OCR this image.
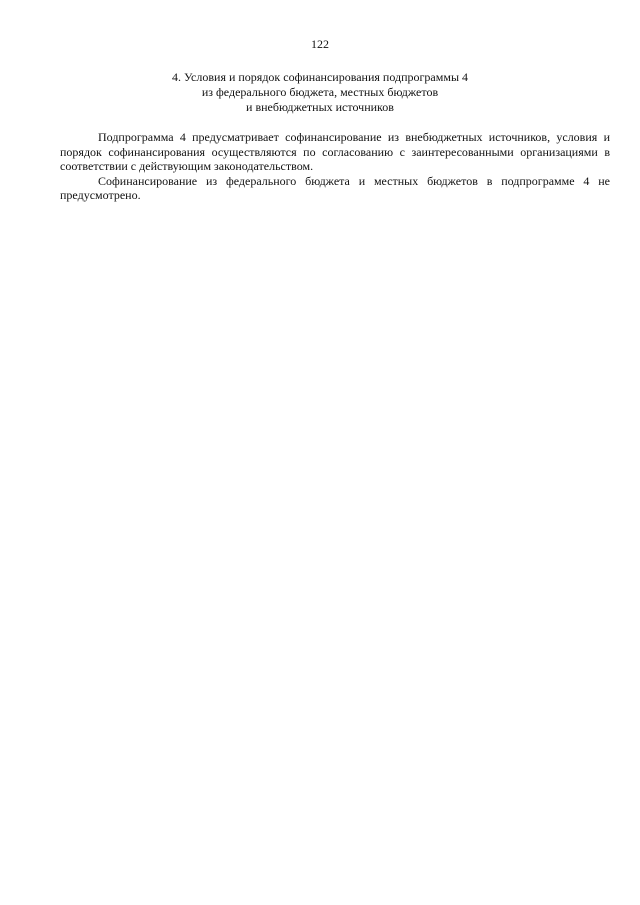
122
4. Условия и порядок софинансирования подпрограммы 4
из федерального бюджета, местных бюджетов
и внебюджетных источников

Подпрограмма 4 предусматривает софинансирование из внебюджетных источников, условия и порядок софинансирования осуществляются по согласованию с заинтересованными организациями в соответствии с действующим законодательством.

Софинансирование из федерального бюджета и местных бюджетов в подпрограмме 4 не предусмотрено.
